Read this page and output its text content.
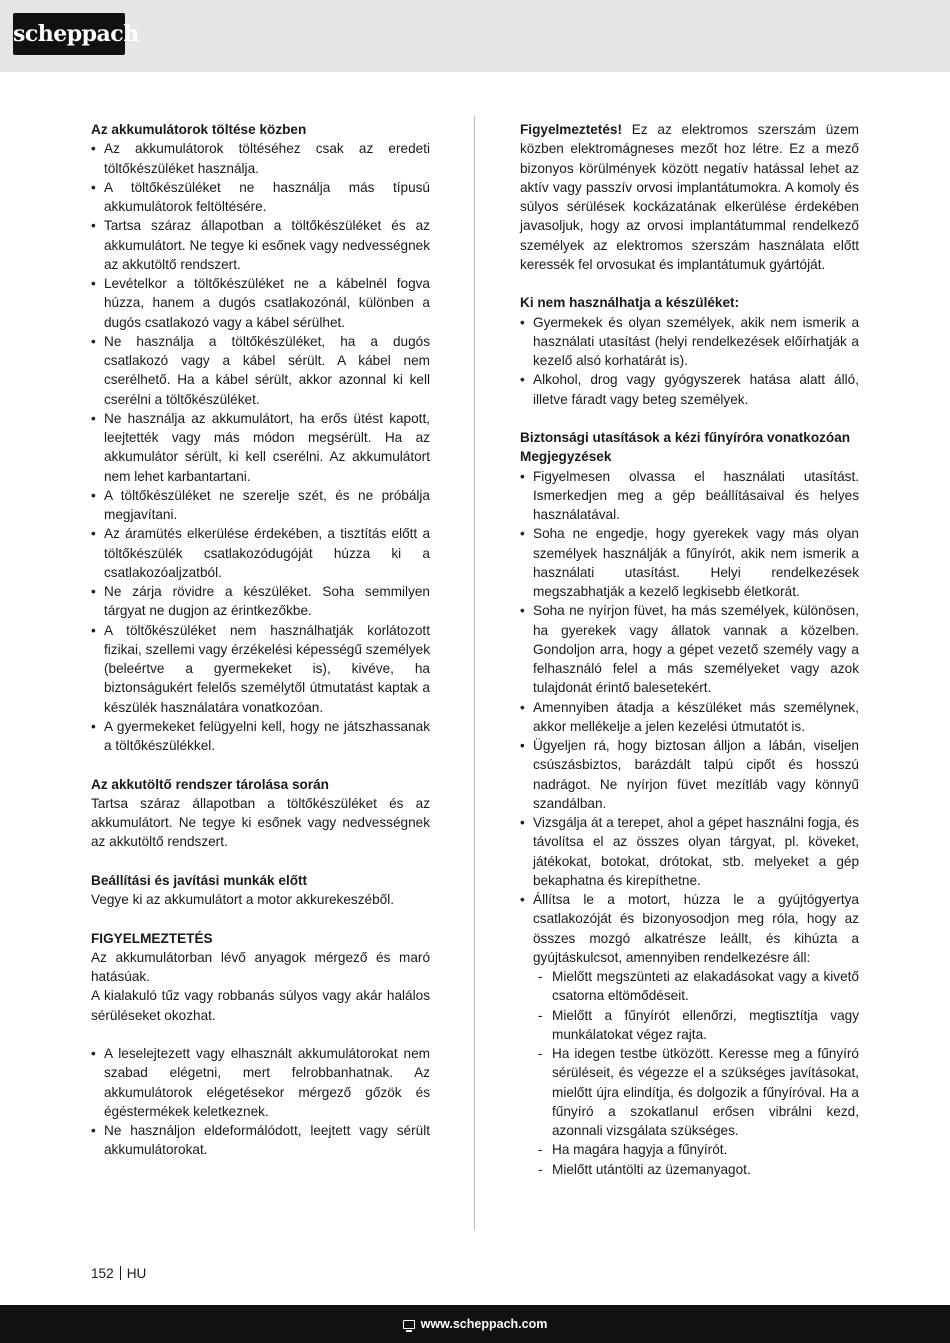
scheppach
Az akkumulátorok töltése közben
• Az akkumulátorok töltéséhez csak az eredeti töltőkészüléket használja.
• A töltőkészüléket ne használja más típusú akkumulátorok feltöltésére.
• Tartsa száraz állapotban a töltőkészüléket és az akkumulátort. Ne tegye ki esőnek vagy nedvességnek az akkutöltő rendszert.
• Levételkor a töltőkészüléket ne a kábelnél fogva húzza, hanem a dugós csatlakozónál, különben a dugós csatlakozó vagy a kábel sérülhet.
• Ne használja a töltőkészüléket, ha a dugós csatlakozó vagy a kábel sérült. A kábel nem cserélhető. Ha a kábel sérült, akkor azonnal ki kell cserélni a töltőkészüléket.
• Ne használja az akkumulátort, ha erős ütést kapott, leejtették vagy más módon megsérült. Ha az akkumulátor sérült, ki kell cserélni. Az akkumulátort nem lehet karbantartani.
• A töltőkészüléket ne szerelje szét, és ne próbálja megjavítani.
• Az áramütés elkerülése érdekében, a tisztítás előtt a töltőkészülék csatlakozódugóját húzza ki a csatlakozóaljzatból.
• Ne zárja rövidre a készüléket. Soha semmilyen tárgyat ne dugjon az érintkezőkbe.
• A töltőkészüléket nem használhatják korlátozott fizikai, szellemi vagy érzékelési képességű személyek (beleértve a gyermekeket is), kivéve, ha biztonságukért felelős személytől útmutatást kaptak a készülék használatára vonatkozóan.
• A gyermekeket felügyelni kell, hogy ne játszhassanak a töltőkészülékkel.
Az akkutöltő rendszer tárolása során

Tartsa száraz állapotban a töltőkészüléket és az akkumulátort. Ne tegye ki esőnek vagy nedvességnek az akkutöltő rendszert.

Beállítási és javítási munkák előtt

Vegye ki az akkumulátort a motor akkurekeszéből.

FIGYELMEZTETÉS

Az akkumulátorban lévő anyagok mérgező és maró hatásúak.

A kialakuló tűz vagy robbanás súlyos vagy akár halálos sérüléseket okozhat.

• A leselejtezett vagy elhasznált akkumulátorokat nem szabad elégetni, mert felrobbanhatnak. Az akkumulátorok elégetésekor mérgező gőzök és égéstermékek keletkeznek.
• Ne használjon eldeformálódott, leejtett vagy sérült akkumulátorokat.

Figyelmeztetés! Ez az elektromos szerszám üzem közben elektromágneses mezőt hoz létre. Ez a mező bizonyos körülmények között negatív hatással lehet az aktív vagy passzív orvosi implantátumokra. A komoly és súlyos sérülések kockázatának elkerülése érdekében javasoljuk, hogy az orvosi implantátummal rendelkező személyek az elektromos szerszám használata előtt keressék fel orvosukat és implantátumuk gyártóját.

Ki nem használhatja a készüléket:
• Gyermekek és olyan személyek, akik nem ismerik a használati utasítást (helyi rendelkezések előírhatják a kezelő alsó korhatárát is).
• Alkohol, drog vagy gyógyszerek hatása alatt álló, illetve fáradt vagy beteg személyek.
Biztonsági utasítások a kézi fűnyíróra vonatkozóan
Megjegyzések
• Figyelmesen olvassa el használati utasítást. Ismerkedjen meg a gép beállításaival és helyes használatával.
• Soha ne engedje, hogy gyerekek vagy más olyan személyek használják a fűnyírót, akik nem ismerik a használati utasítást. Helyi rendelkezések megszabhatják a kezelő legkisebb életkorát.
• Soha ne nyírjon füvet, ha más személyek, különösen, ha gyerekek vagy állatok vannak a közelben. Gondoljon arra, hogy a gépet vezető személy vagy a felhasználó felel a más személyeket vagy azok tulajdonát érintő balesetekért.
• Amennyiben átadja a készüléket más személynek, akkor mellékelje a jelen kezelési útmutatót is.
• Ügyeljen rá, hogy biztosan álljon a lábán, viseljen csúszásbiztos, barázdált talpú cipőt és hosszú nadrágot. Ne nyírjon füvet mezítláb vagy könnyű szandálban.
• Vizsgálja át a terepet, ahol a gépet használni fogja, és távolítsa el az összes olyan tárgyat, pl. köveket, játékokat, botokat, drótokat, stb. melyeket a gép bekaphatna és kirepíthetne.
• Állítsa le a motort, húzza le a gyújtógyertya csatlakozóját és bizonyosodjon meg róla, hogy az összes mozgó alkatrésze leállt, és kihúzta a gyújtáskulcsot, amennyiben rendelkezésre áll:
- Mielőtt megszünteti az elakadásokat vagy a kivető csatorna eltömődéseit.
- Mielőtt a fűnyírót ellenőrzi, megtisztítja vagy munkálatokat végez rajta.
- Ha idegen testbe ütközött. Keresse meg a fűnyíró sérüléseit, és végezze el a szükséges javításokat, mielőtt újra elindítja, és dolgozik a fűnyíróval. Ha a fűnyíró a szokatlanul erősen vibrálni kezd, azonnali vizsgálata szükséges.
- Ha magára hagyja a fűnyírót.
- Mielőtt utántölti az üzemanyagot.
152 HU
www.scheppach.com
